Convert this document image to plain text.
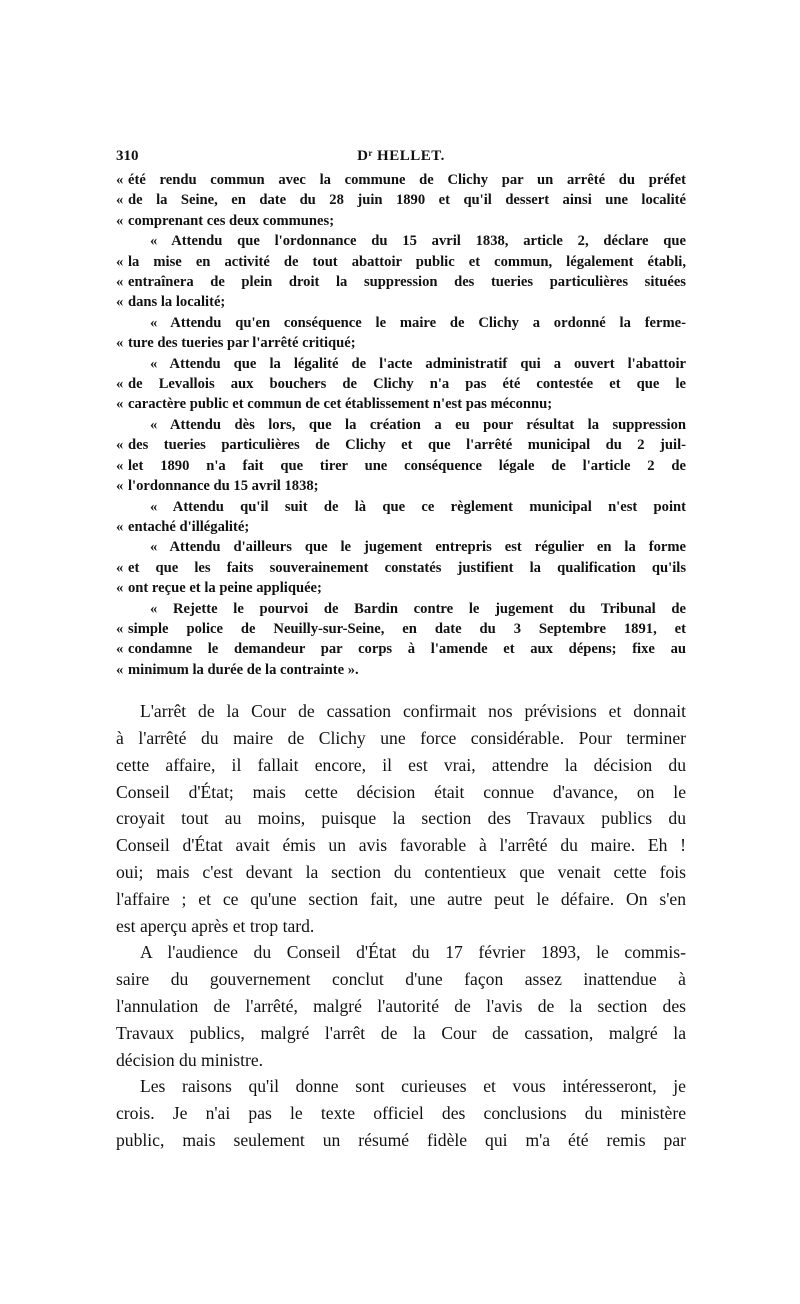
310	Dʳ HELLET.
« été rendu commun avec la commune de Clichy par un arrêté du préfet
« de la Seine, en date du 28 juin 1890 et qu'il dessert ainsi une localité
« comprenant ces deux communes;
« Attendu que l'ordonnance du 15 avril 1838, article 2, déclare que
« la mise en activité de tout abattoir public et commun, légalement établi,
« entraînera de plein droit la suppression des tueries particulières situées
« dans la localité;
« Attendu qu'en conséquence le maire de Clichy a ordonné la ferme-
« ture des tueries par l'arrêté critiqué;
« Attendu que la légalité de l'acte administratif qui a ouvert l'abattoir
« de Levallois aux bouchers de Clichy n'a pas été contestée et que le
« caractère public et commun de cet établissement n'est pas méconnu;
« Attendu dès lors, que la création a eu pour résultat la suppression
« des tueries particulières de Clichy et que l'arrêté municipal du 2 juil-
« let 1890 n'a fait que tirer une conséquence légale de l'article 2 de
« l'ordonnance du 15 avril 1838;
« Attendu qu'il suit de là que ce règlement municipal n'est point
« entaché d'illégalité;
« Attendu d'ailleurs que le jugement entrepris est régulier en la forme
« et que les faits souverainement constatés justifient la qualification qu'ils
« ont reçue et la peine appliquée;
« Rejette le pourvoi de Bardin contre le jugement du Tribunal de
« simple police de Neuilly-sur-Seine, en date du 3 Septembre 1891, et
« condamne le demandeur par corps à l'amende et aux dépens; fixe au
« minimum la durée de la contrainte ».
L'arrêt de la Cour de cassation confirmait nos prévisions et donnait
à l'arrêté du maire de Clichy une force considérable. Pour terminer
cette affaire, il fallait encore, il est vrai, attendre la décision du
Conseil d'État; mais cette décision était connue d'avance, on le
croyait tout au moins, puisque la section des Travaux publics du
Conseil d'État avait émis un avis favorable à l'arrêté du maire. Eh !
oui; mais c'est devant la section du contentieux que venait cette fois
l'affaire ; et ce qu'une section fait, une autre peut le défaire. On s'en
est aperçu après et trop tard.
A l'audience du Conseil d'État du 17 février 1893, le commis-
saire du gouvernement conclut d'une façon assez inattendue à
l'annulation de l'arrêté, malgré l'autorité de l'avis de la section des
Travaux publics, malgré l'arrêt de la Cour de cassation, malgré la
décision du ministre.
Les raisons qu'il donne sont curieuses et vous intéresseront, je
crois. Je n'ai pas le texte officiel des conclusions du ministère
public, mais seulement un résumé fidèle qui m'a été remis par
